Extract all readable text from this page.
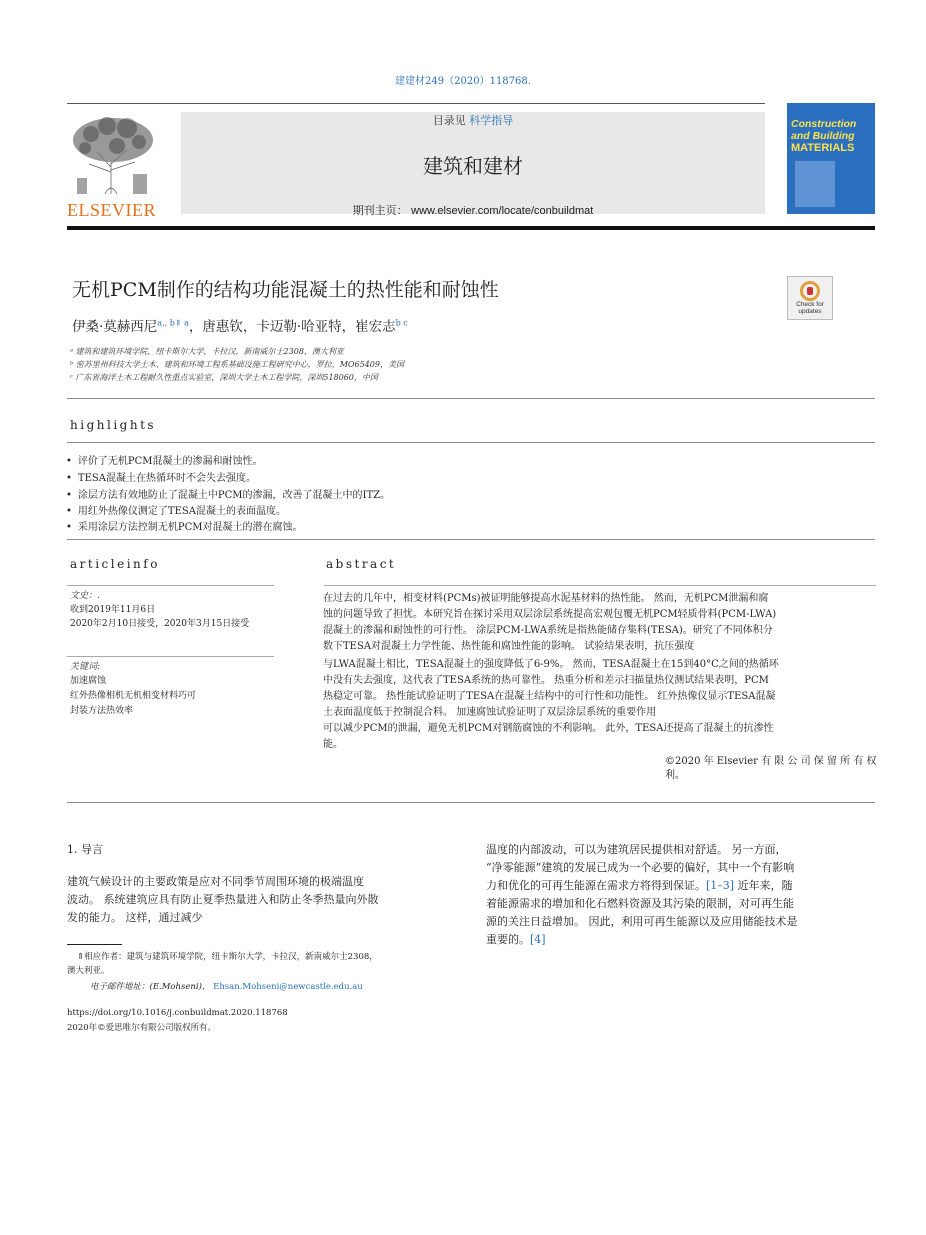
建建材249（2020）118768.
ELSEVIER
目录见 科学指导
建筑和建材
期刊主页： www.elsevier.com/locate/conbuildmat
Construction
and Building
MATERIALS
无机PCM制作的结构功能混凝土的热性能和耐蚀性
Check for updates
伊桑·莫赫西尼$^{a,, b⇑ a}$，唐惠钦，卡迈勒·哈亚特，崔宏志$^{b c}$
ᵃ 建筑和建筑环境学院，纽卡斯尔大学，卡拉汉，新南威尔士2308，澳大利亚
ᵇ 密苏里州科技大学土木、建筑和环境工程系基础设施工程研究中心，罗拉，MO65409，美国
ᶜ 广东省海洋土木工程耐久性重点实验室，深圳大学土木工程学院，深圳518060，中国
highlights
• 评价了无机PCM混凝土的渗漏和耐蚀性。
• TESA混凝土在热循环时不会失去强度。
• 涂层方法有效地防止了混凝土中PCM的渗漏，改善了混凝土中的ITZ。
• 用红外热像仪测定了TESA混凝土的表面温度。
• 采用涂层方法控制无机PCM对混凝土的潜在腐蚀。
articleinfo
文史：.
收到2019年11月6日
2020年2月10日接受，2020年3月15日接受
关键词:
加速腐蚀
红外热像相机无机相变材料巧可
封装方法热效率
abstract
在过去的几年中，相变材料(PCMs)被证明能够提高水泥基材料的热性能。 然而，无机PCM泄漏和腐
蚀的问题导致了担忧。本研究旨在探讨采用双层涂层系统提高宏观包覆无机PCM轻质骨料(PCM-LWA)
混凝土的渗漏和耐蚀性的可行性。 涂层PCM-LWA系统是指热能储存集料(TESA)。研究了不同体积分
数下TESA对混凝土力学性能、热性能和腐蚀性能的影响。 试验结果表明，抗压强度
与LWA混凝土相比，TESA混凝土的强度降低了6-9%。 然而，TESA混凝土在15到40°C之间的热循环
中没有失去强度，这代表了TESA系统的热可靠性。 热重分析和差示扫描量热仪测试结果表明，PCM
热稳定可靠。 热性能试验证明了TESA在混凝土结构中的可行性和功能性。 红外热像仪显示TESA混凝
土表面温度低于控制混合料。 加速腐蚀试验证明了双层涂层系统的重要作用
可以减少PCM的泄漏，避免无机PCM对钢筋腐蚀的不利影响。 此外，TESA还提高了混凝土的抗渗性
能。
©2020 年 Elsevier 有 限 公 司 保 留 所 有 权
利。
1. 导言
建筑气候设计的主要政策是应对不同季节周围环境的极端温度
波动。 系统建筑应具有防止夏季热量进入和防止冬季热量向外散
发的能力。 这样，通过减少
温度的内部波动，可以为建筑居民提供相对舒适。 另一方面，
“净零能源”建筑的发展已成为一个必要的偏好，其中一个有影响
力和优化的可再生能源在需求方将得到保证。[1–3] 近年来，随
着能源需求的增加和化石燃料资源及其污染的限制，对可再生能
源的关注日益增加。 因此，利用可再生能源以及应用储能技术是
重要的。[4]
⇑相应作者：建筑与建筑环境学院，纽卡斯尔大学，卡拉汉，新南威尔士2308，
澳大利亚。
电子邮件地址：(E.Mohseni)， Ehsan.Mohseni@newcastle.edu.au
https://doi.org/10.1016/j.conbuildmat.2020.118768
2020年©爱思唯尔有限公司版权所有。
